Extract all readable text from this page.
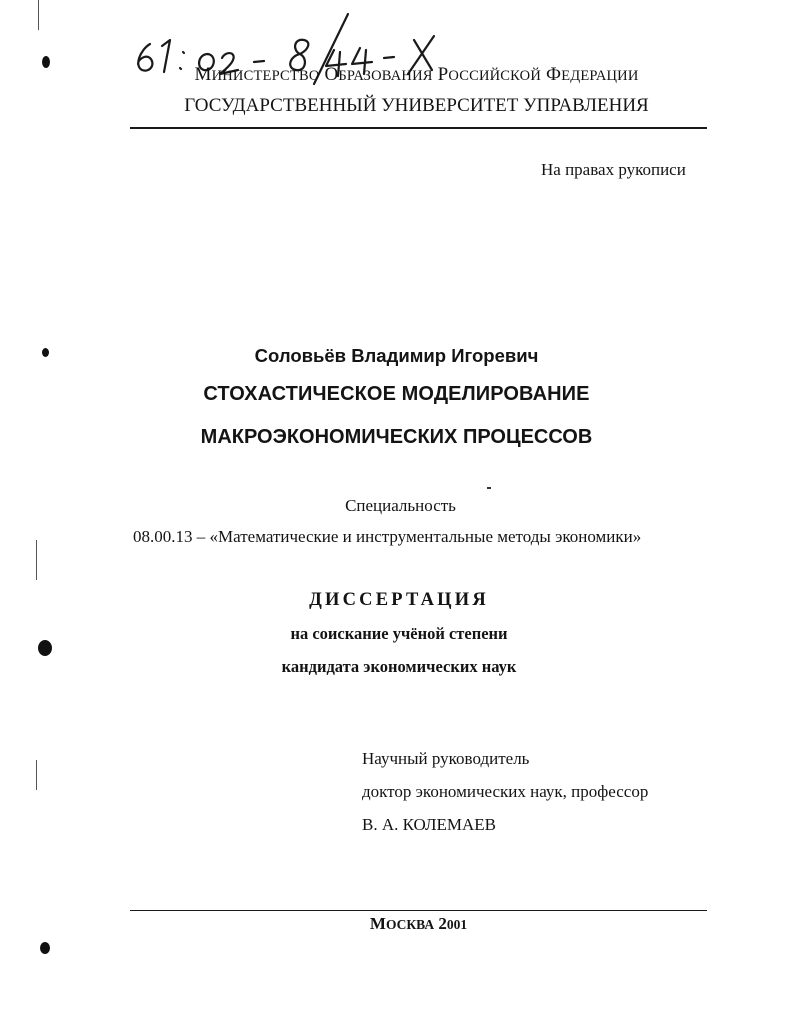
МИНИСТЕРСТВО ОБРАЗОВАНИЯ РОССИЙСКОЙ ФЕДЕРАЦИИ
ГОСУДАРСТВЕННЫЙ УНИВЕРСИТЕТ УПРАВЛЕНИЯ
На правах рукописи
Соловьёв Владимир Игоревич
СТОХАСТИЧЕСКОЕ МОДЕЛИРОВАНИЕ
МАКРОЭКОНОМИЧЕСКИХ ПРОЦЕССОВ
Специальность
08.00.13 – «Математические и инструментальные методы экономики»
ДИССЕРТАЦИЯ
на соискание учёной степени
кандидата экономических наук
Научный руководитель
доктор экономических наук, профессор
В. А. КОЛЕМАЕВ
МОСКВА 2001
